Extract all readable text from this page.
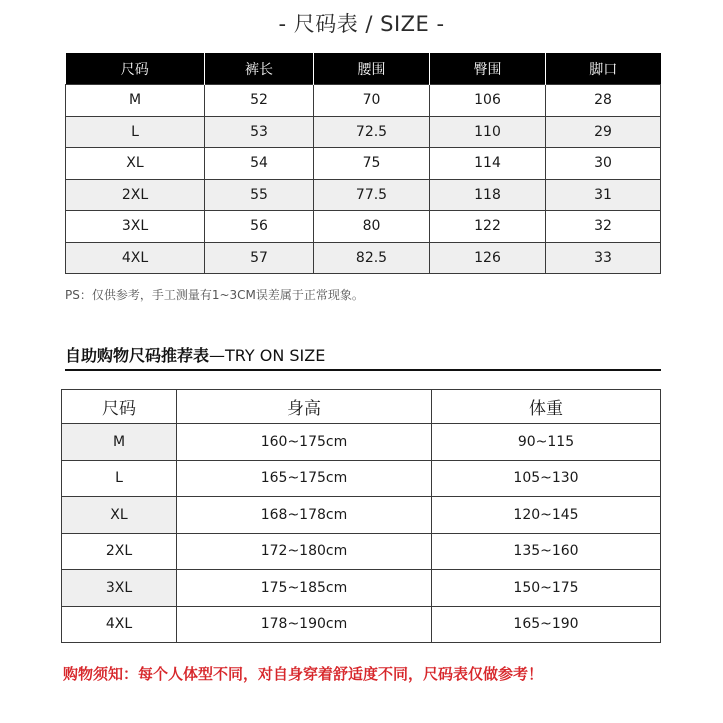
- 尺码表 / SIZE -
尺码	裤长	腰围	臀围	脚口
M	52	70	106	28
L	53	72.5	110	29
XL	54	75	114	30
2XL	55	77.5	118	31
3XL	56	80	122	32
4XL	57	82.5	126	33
PS：仅供参考，手工测量有1~3CM误差属于正常现象。
自助购物尺码推荐表—TRY ON SIZE
尺码	身高	体重
M	160~175cm	90~115
L	165~175cm	105~130
XL	168~178cm	120~145
2XL	172~180cm	135~160
3XL	175~185cm	150~175
4XL	178~190cm	165~190
购物须知：每个人体型不同，对自身穿着舒适度不同，尺码表仅做参考！
